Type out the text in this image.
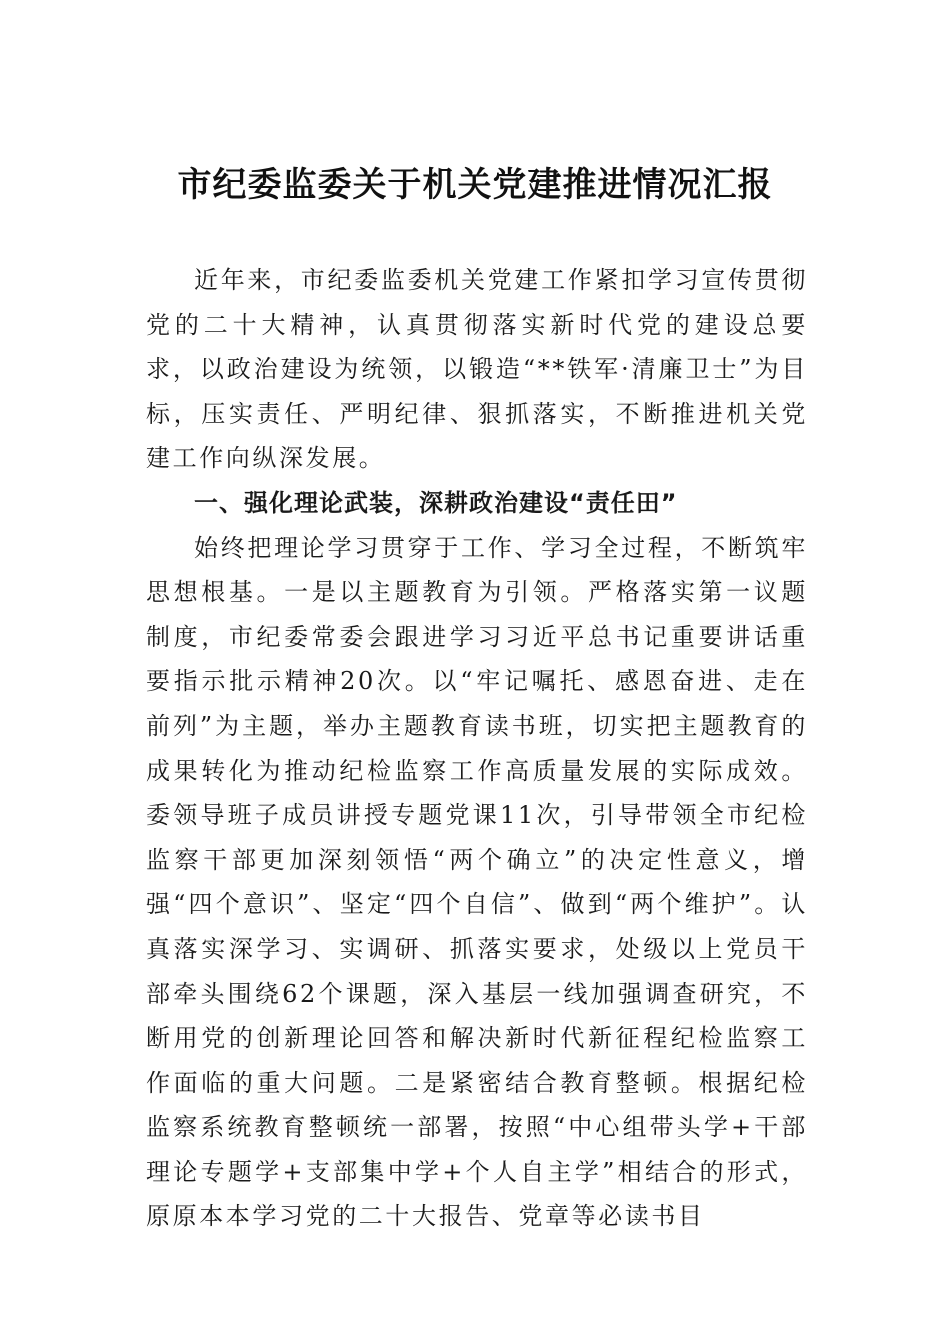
市纪委监委关于机关党建推进情况汇报

近年来，市纪委监委机关党建工作紧扣学习宣传贯彻党的二十大精神，认真贯彻落实新时代党的建设总要求，以政治建设为统领，以锻造“**铁军·清廉卫士”为目标，压实责任、严明纪律、狠抓落实，不断推进机关党建工作向纵深发展。

一、强化理论武装，深耕政治建设“责任田”

始终把理论学习贯穿于工作、学习全过程，不断筑牢思想根基。一是以主题教育为引领。严格落实第一议题制度，市纪委常委会跟进学习习近平总书记重要讲话重要指示批示精神20次。以“牢记嘱托、感恩奋进、走在前列”为主题，举办主题教育读书班，切实把主题教育的成果转化为推动纪检监察工作高质量发展的实际成效。委领导班子成员讲授专题党课11次，引导带领全市纪检监察干部更加深刻领悟“两个确立”的决定性意义，增强“四个意识”、坚定“四个自信”、做到“两个维护”。认真落实深学习、实调研、抓落实要求，处级以上党员干部牵头围绕62个课题，深入基层一线加强调查研究，不断用党的创新理论回答和解决新时代新征程纪检监察工作面临的重大问题。二是紧密结合教育整顿。根据纪检监察系统教育整顿统一部署，按照“中心组带头学+干部理论专题学+支部集中学+个人自主学”相结合的形式，原原本本学习党的二十大报告、党章等必读书目
